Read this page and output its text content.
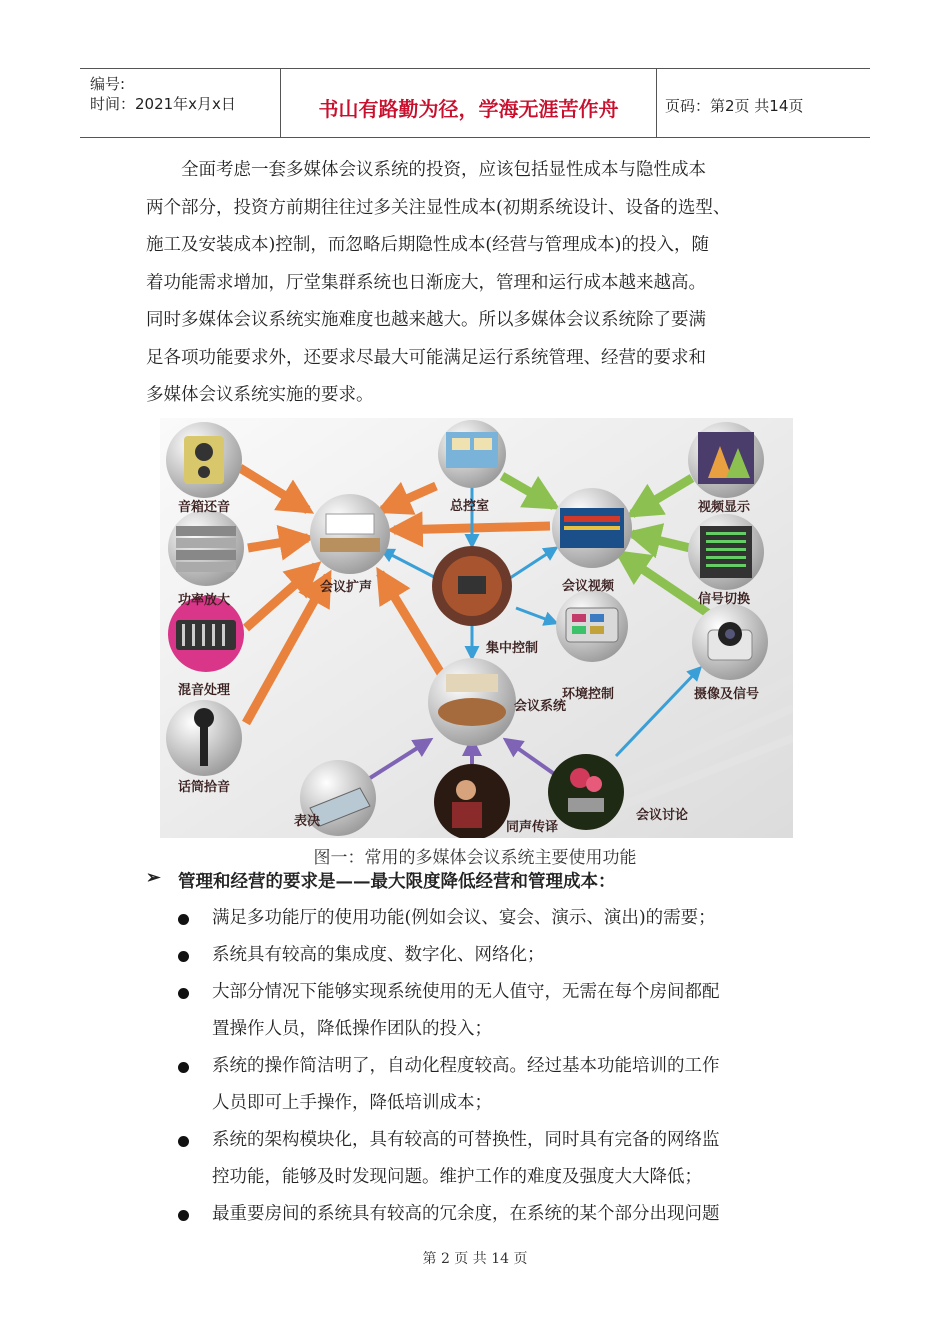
编号:
时间：2021年x月x日	书山有路勤为径，学海无涯苦作舟	页码：第2页 共14页

全面考虑一套多媒体会议系统的投资，应该包括显性成本与隐性成本

两个部分，投资方前期往往过多关注显性成本(初期系统设计、设备的选型、

施工及安装成本)控制，而忽略后期隐性成本(经营与管理成本)的投入，随

着功能需求增加，厅堂集群系统也日渐庞大，管理和运行成本越来越高。

同时多媒体会议系统实施难度也越来越大。所以多媒体会议系统除了要满

足各项功能要求外，还要求尽最大可能满足运行系统管理、经营的要求和

多媒体会议系统实施的要求。

音箱还音
功率放大
混音处理
话筒拾音
表决	同声传译
会议讨论
总控室	视频显示
信号切换
摄像及信号
会议扩声	会议视频
集中控制
环境控制
会议系统
图一：常用的多媒体会议系统主要使用功能
➢ 管理和经营的要求是——最大限度降低经营和管理成本：
满足多功能厅的使用功能(例如会议、宴会、演示、演出)的需要；
系统具有较高的集成度、数字化、网络化；
大部分情况下能够实现系统使用的无人值守，无需在每个房间都配
置操作人员，降低操作团队的投入；
系统的操作简洁明了，自动化程度较高。经过基本功能培训的工作
人员即可上手操作，降低培训成本；
系统的架构模块化，具有较高的可替换性，同时具有完备的网络监
控功能，能够及时发现问题。维护工作的难度及强度大大降低；
最重要房间的系统具有较高的冗余度，在系统的某个部分出现问题
第 2 页 共 14 页
